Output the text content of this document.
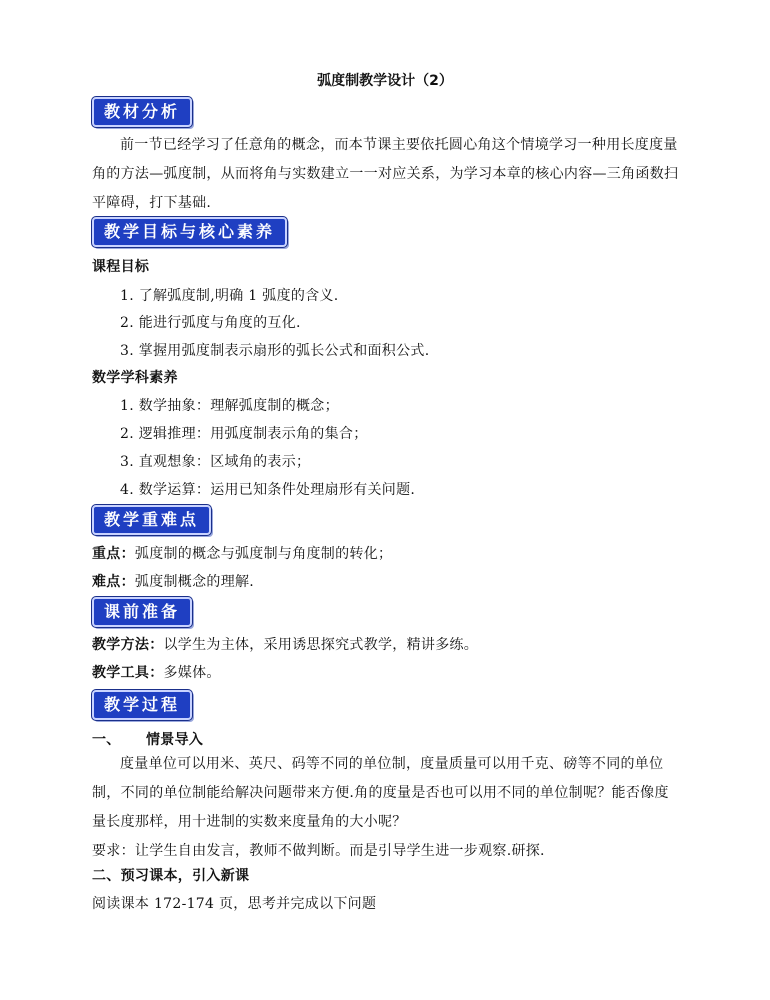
弧度制教学设计（2）
教材分析
前一节已经学习了任意角的概念，而本节课主要依托圆心角这个情境学习一种用长度度量角的方法—弧度制，从而将角与实数建立一一对应关系，为学习本章的核心内容—三角函数扫平障碍，打下基础.
教学目标与核心素养
课程目标
1. 了解弧度制,明确 1 弧度的含义.
2. 能进行弧度与角度的互化.
3. 掌握用弧度制表示扇形的弧长公式和面积公式.
数学学科素养
1. 数学抽象：理解弧度制的概念；
2. 逻辑推理：用弧度制表示角的集合；
3. 直观想象：区域角的表示；
4. 数学运算：运用已知条件处理扇形有关问题.
教学重难点
重点：弧度制的概念与弧度制与角度制的转化；
难点：弧度制概念的理解.
课前准备
教学方法：以学生为主体，采用诱思探究式教学，精讲多练。
教学工具：多媒体。
教学过程
一、 情景导入
度量单位可以用米、英尺、码等不同的单位制，度量质量可以用千克、磅等不同的单位制，不同的单位制能给解决问题带来方便.角的度量是否也可以用不同的单位制呢？能否像度量长度那样，用十进制的实数来度量角的大小呢？
要求：让学生自由发言，教师不做判断。而是引导学生进一步观察.研探.
二、预习课本，引入新课
阅读课本 172-174 页，思考并完成以下问题
